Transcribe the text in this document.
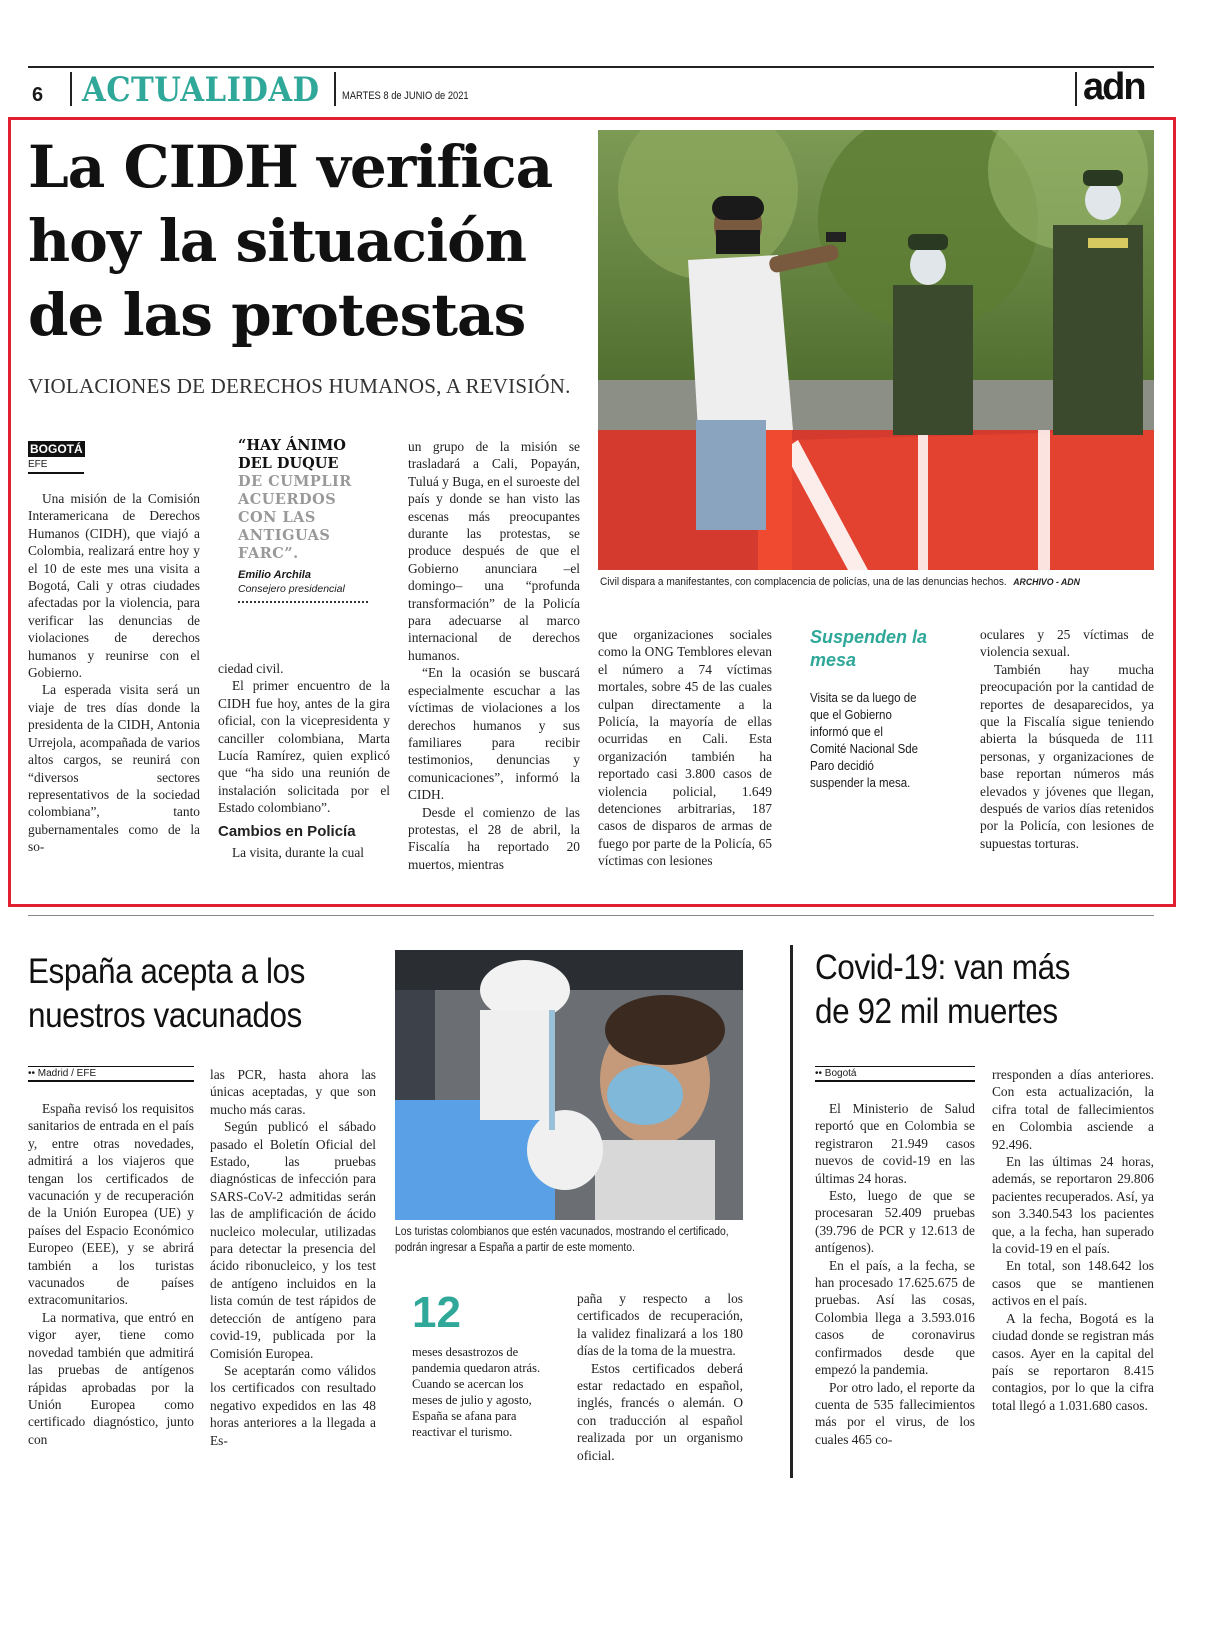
6 ACTUALIDAD MARTES 8 de JUNIO de 2021	adn
La CIDH verifica
hoy la situación
de las protestas
VIOLACIONES DE DERECHOS HUMANOS, A REVISIÓN.
Civil dispara a manifestantes, con complacencia de policías, una de las denuncias hechos. ARCHIVO - ADN
BOGOTÁ
EFE

Una misión de la Comisión Interamericana de Derechos Humanos (CIDH), que viajó a Colombia, realizará entre hoy y el 10 de este mes una visita a Bogotá, Cali y otras ciudades afectadas por la violencia, para verificar las denuncias de violaciones de derechos humanos y reunirse con el Gobierno.

La esperada visita será un viaje de tres días donde la presidenta de la CIDH, Antonia Urrejola, acompañada de varios altos cargos, se reunirá con “diversos sectores representativos de la sociedad colombiana”, tanto gubernamentales como de la so-

“HAY ÁNIMO DEL DUQUE
DE CUMPLIR ACUERDOS CON LAS ANTIGUAS FARC”.
Emilio Archila
Consejero presidencial

ciedad civil.

El primer encuentro de la CIDH fue hoy, antes de la gira oficial, con la vicepresidenta y canciller colombiana, Marta Lucía Ramírez, quien explicó que “ha sido una reunión de instalación solicitada por el Estado colombiano”.

Cambios en Policía

La visita, durante la cual

un grupo de la misión se trasladará a Cali, Popayán, Tuluá y Buga, en el suroeste del país y donde se han visto las escenas más preocupantes durante las protestas, se produce después de que el Gobierno anunciara –el domingo– una “profunda transformación” de la Policía para adecuarse al marco internacional de derechos humanos.

“En la ocasión se buscará especialmente escuchar a las víctimas de violaciones a los derechos humanos y sus familiares para recibir testimonios, denuncias y comunicaciones”, informó la CIDH.

Desde el comienzo de las protestas, el 28 de abril, la Fiscalía ha reportado 20 muertos, mientras

que organizaciones sociales como la ONG Temblores elevan el número a 74 víctimas mortales, sobre 45 de las cuales culpan directamente a la Policía, la mayoría de ellas ocurridas en Cali. Esta organización también ha reportado casi 3.800 casos de violencia policial, 1.649 detenciones arbitrarias, 187 casos de disparos de armas de fuego por parte de la Policía, 65 víctimas con lesiones

Suspenden la mesa
Visita se da luego de que el Gobierno informó que el Comité Nacional Sde Paro decidió suspender la mesa.

oculares y 25 víctimas de violencia sexual.

También hay mucha preocupación por la cantidad de reportes de desaparecidos, ya que la Fiscalía sigue teniendo abierta la búsqueda de 111 personas, y organizaciones de base reportan números más elevados y jóvenes que llegan, después de varios días retenidos por la Policía, con lesiones de supuestas torturas.

España acepta a los nuestros vacunados
Los turistas colombianos que estén vacunados, mostrando el certificado, podrán ingresar a España a partir de este momento.
•• Madrid / EFE

España revisó los requisitos sanitarios de entrada en el país y, entre otras novedades, admitirá a los viajeros que tengan los certificados de vacunación y de recuperación de la Unión Europea (UE) y países del Espacio Económico Europeo (EEE), y se abrirá también a los turistas vacunados de países extracomunitarios.

La normativa, que entró en vigor ayer, tiene como novedad también que admitirá las pruebas de antígenos rápidas aprobadas por la Unión Europea como certificado diagnóstico, junto con

las PCR, hasta ahora las únicas aceptadas, y que son mucho más caras.

Según publicó el sábado pasado el Boletín Oficial del Estado, las pruebas diagnósticas de infección para SARS-CoV-2 admitidas serán las de amplificación de ácido nucleico molecular, utilizadas para detectar la presencia del ácido ribonucleico, y los test de antígeno incluidos en la lista común de test rápidos de detección de antígeno para covid-19, publicada por la Comisión Europea.

Se aceptarán como válidos los certificados con resultado negativo expedidos en las 48 horas anteriores a la llegada a Es-

12
meses desastrozos de pandemia quedaron atrás. Cuando se acercan los meses de julio y agosto, España se afana para reactivar el turismo.

paña y respecto a los certificados de recuperación, la validez finalizará a los 180 días de la toma de la muestra.

Estos certificados deberá estar redactado en español, inglés, francés o alemán. O con traducción al español realizada por un organismo oficial.

Covid-19: van más de 92 mil muertes
•• Bogotá

El Ministerio de Salud reportó que en Colombia se registraron 21.949 casos nuevos de covid-19 en las últimas 24 horas.

Esto, luego de que se procesaran 52.409 pruebas (39.796 de PCR y 12.613 de antígenos).

En el país, a la fecha, se han procesado 17.625.675 de pruebas. Así las cosas, Colombia llega a 3.593.016 casos de coronavirus confirmados desde que empezó la pandemia.

Por otro lado, el reporte da cuenta de 535 fallecimientos más por el virus, de los cuales 465 co-

rresponden a días anteriores. Con esta actualización, la cifra total de fallecimientos en Colombia asciende a 92.496.

En las últimas 24 horas, además, se reportaron 29.806 pacientes recuperados. Así, ya son 3.340.543 los pacientes que, a la fecha, han superado la covid-19 en el país.

En total, son 148.642 los casos que se mantienen activos en el país.

A la fecha, Bogotá es la ciudad donde se registran más casos. Ayer en la capital del país se reportaron 8.415 contagios, por lo que la cifra total llegó a 1.031.680 casos.
